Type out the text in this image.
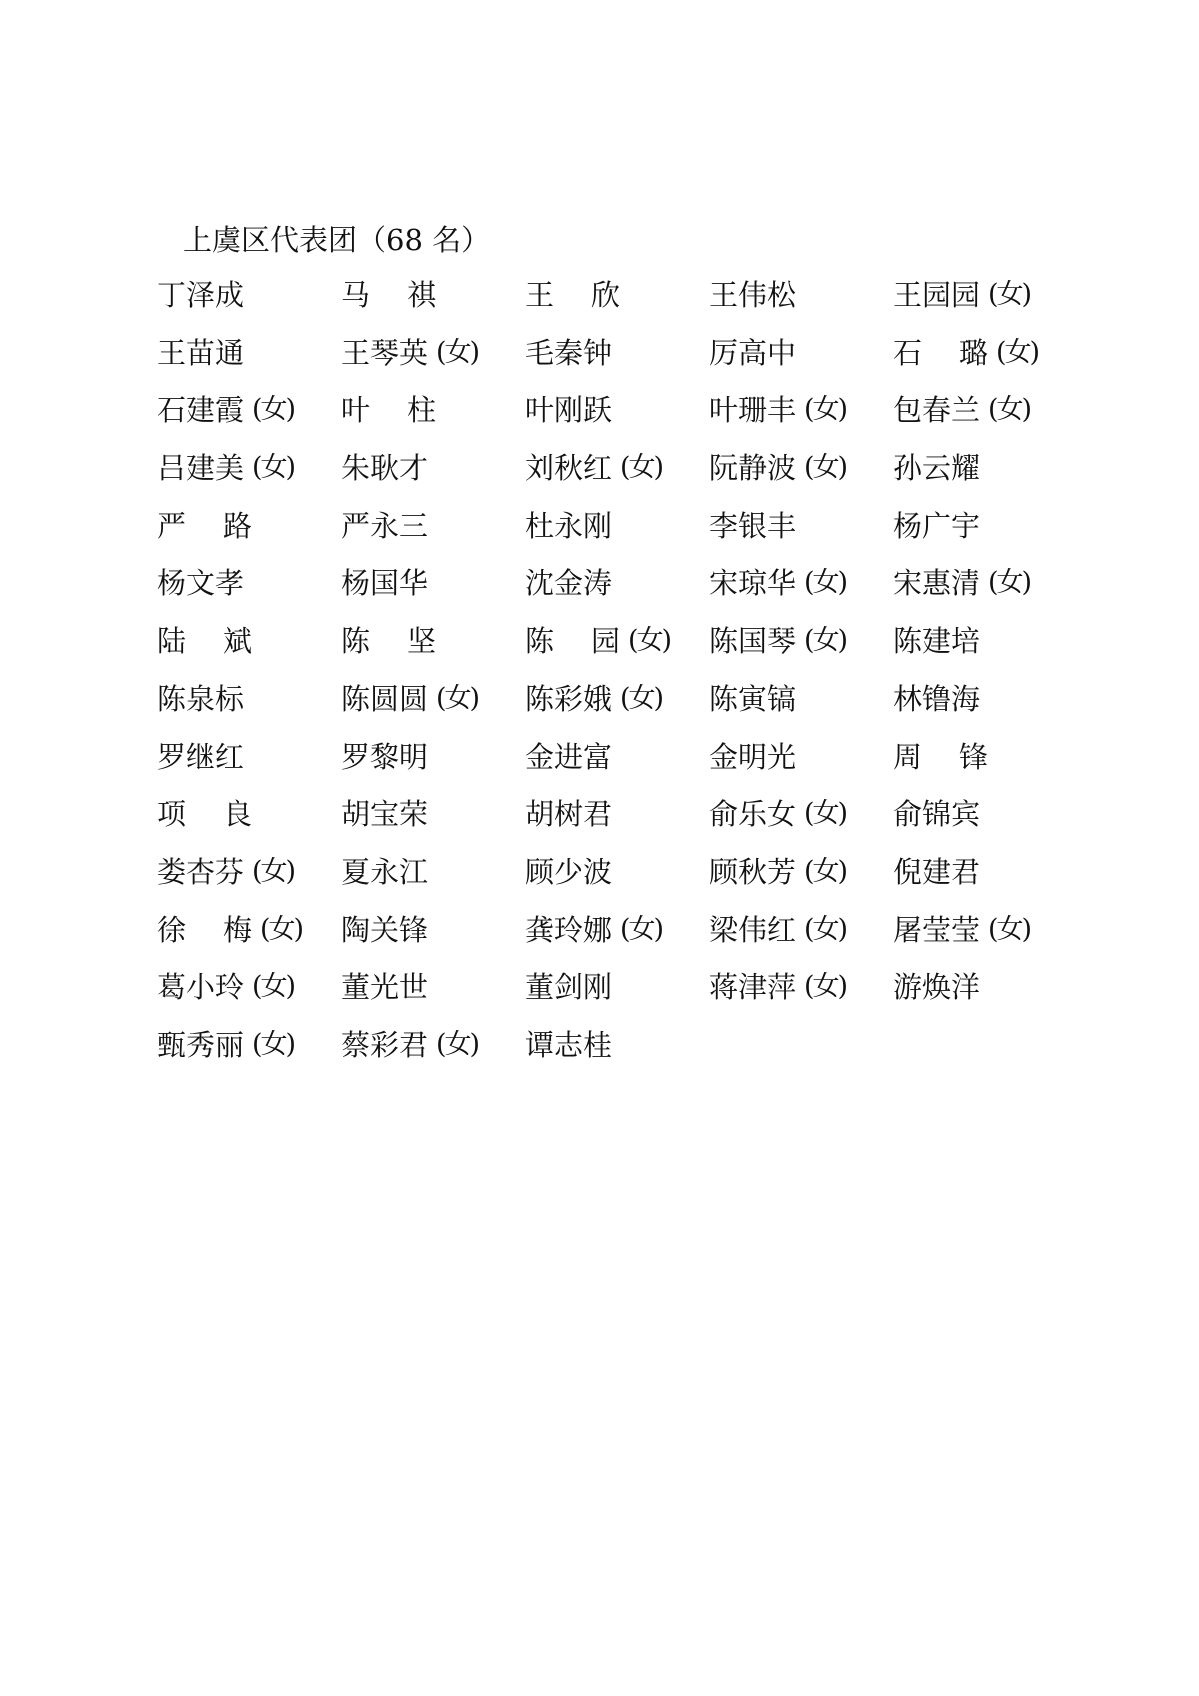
上虞区代表团（68 名）
丁泽成	马 祺	王 欣	王伟松	王园园 (女)
王苗通	王琴英 (女) 毛秦钟	厉高中	石 璐 (女)
石建霞 (女) 叶 柱	叶刚跃	叶珊丰 (女) 包春兰 (女)
吕建美 (女) 朱耿才	刘秋红 (女) 阮静波 (女) 孙云耀
严 路	严永三	杜永刚	李银丰	杨广宇
杨文孝	杨国华	沈金涛	宋琼华 (女) 宋惠清 (女)
陆 斌	陈 坚	陈 园 (女) 陈国琴 (女) 陈建培
陈泉标	陈圆圆 (女) 陈彩娥 (女) 陈寅镐	林镥海
罗继红	罗黎明	金进富	金明光	周 锋
项 良	胡宝荣	胡树君	俞乐女 (女) 俞锦宾
娄杏芬 (女) 夏永江	顾少波	顾秋芳 (女) 倪建君
徐 梅 (女) 陶关锋	龚玲娜 (女) 梁伟红 (女) 屠莹莹 (女)
葛小玲 (女) 董光世	董剑刚	蒋津萍 (女) 游焕洋
甄秀丽 (女) 蔡彩君 (女) 谭志桂
